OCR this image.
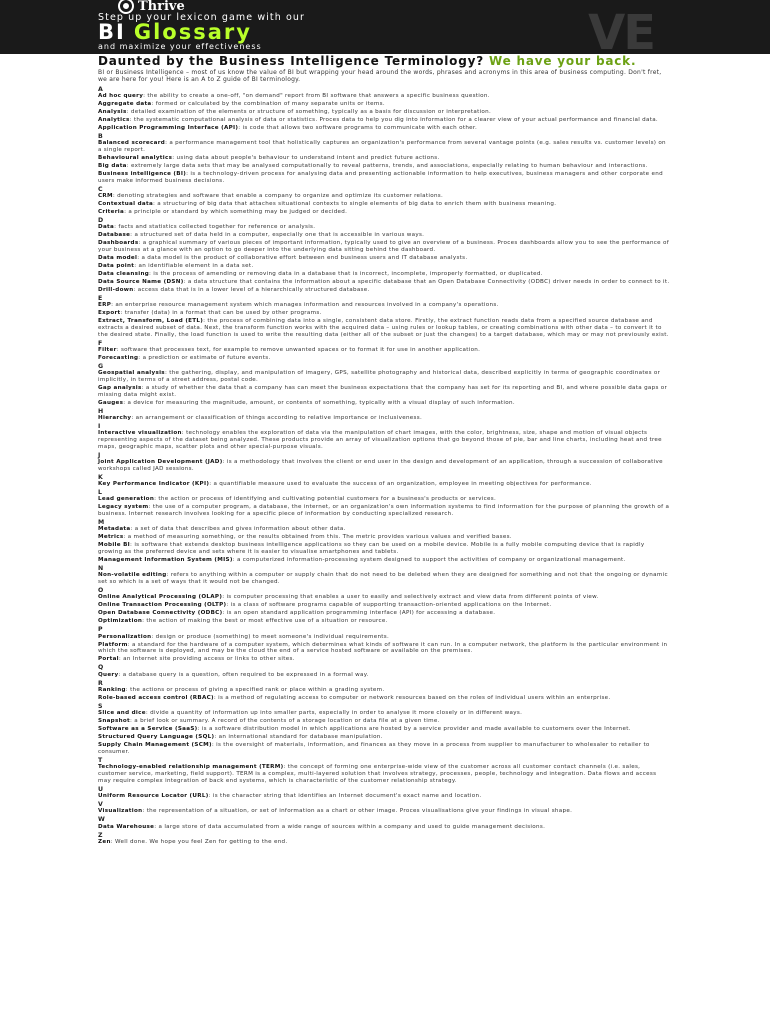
Thrive
Step up your lexicon game with our
BI Glossary	VE
and maximize your effectiveness
Daunted by the Business Intelligence Terminology? We have your back.
BI or Business Intelligence – most of us know the value of BI but wrapping your head around the words, phrases and acronyms in this area of business computing. Don't fret, we are here for you! Here is an A to Z guide of BI terminology.
A
Ad hoc query: the ability to create a one-off, "on demand" report from BI software that answers a specific business question.
Aggregate data: formed or calculated by the combination of many separate units or items.
Analysis: detailed examination of the elements or structure of something, typically as a basis for discussion or interpretation.
Analytics: the systematic computational analysis of data or statistics. Proces data to help you dig into information for a clearer view of your actual performance and financial data.
Application Programming Interface (API): is code that allows two software programs to communicate with each other.
B
Balanced scorecard: a performance management tool that holistically captures an organization's performance from several vantage points (e.g. sales results vs. customer levels) on a single report.
Behavioural analytics: using data about people's behaviour to understand intent and predict future actions.
Big data: extremely large data sets that may be analysed computationally to reveal patterns, trends, and associations, especially relating to human behaviour and interactions.
Business intelligence (BI): is a technology-driven process for analysing data and presenting actionable information to help executives, business managers and other corporate end users make informed business decisions.
C
CRM: denoting strategies and software that enable a company to organize and optimize its customer relations.
Contextual data: a structuring of big data that attaches situational contexts to single elements of big data to enrich them with business meaning.
Criteria: a principle or standard by which something may be judged or decided.
D
Data: facts and statistics collected together for reference or analysis.
Database: a structured set of data held in a computer, especially one that is accessible in various ways.
Dashboards: a graphical summary of various pieces of important information, typically used to give an overview of a business. Proces dashboards allow you to see the performance of your business at a glance with an option to go deeper into the underlying data sitting behind the dashboard.
Data model: a data model is the product of collaborative effort between end business users and IT database analysts.
Data point: an identifiable element in a data set.
Data cleansing: is the process of amending or removing data in a database that is incorrect, incomplete, improperly formatted, or duplicated.
Data Source Name (DSN): a data structure that contains the information about a specific database that an Open Database Connectivity (ODBC) driver needs in order to connect to it.
Drill-down: access data that is in a lower level of a hierarchically structured database.
E
ERP: an enterprise resource management system which manages information and resources involved in a company's operations.
Export: transfer (data) in a format that can be used by other programs.
Extract, Transform, Load (ETL): the process of combining data into a single, consistent data store. Firstly, the extract function reads data from a specified source database and extracts a desired subset of data. Next, the transform function works with the acquired data – using rules or lookup tables, or creating combinations with other data – to convert it to the desired state. Finally, the load function is used to write the resulting data (either all of the subset or just the changes) to a target database, which may or may not previously exist.
F
Filter: software that processes text, for example to remove unwanted spaces or to format it for use in another application.
Forecasting: a prediction or estimate of future events.
G
Geospatial analysis: the gathering, display, and manipulation of imagery, GPS, satellite photography and historical data, described explicitly in terms of geographic coordinates or implicitly, in terms of a street address, postal code.
Gap analysis: a study of whether the data that a company has can meet the business expectations that the company has set for its reporting and BI, and where possible data gaps or missing data might exist.
Gauges: a device for measuring the magnitude, amount, or contents of something, typically with a visual display of such information.
H
Hierarchy: an arrangement or classification of things according to relative importance or inclusiveness.
I
Interactive visualization: technology enables the exploration of data via the manipulation of chart images, with the color, brightness, size, shape and motion of visual objects representing aspects of the dataset being analyzed. These products provide an array of visualization options that go beyond those of pie, bar and line charts, including heat and tree maps, geographic maps, scatter plots and other special-purpose visuals.
J
Joint Application Development (JAD): is a methodology that involves the client or end user in the design and development of an application, through a succession of collaborative workshops called JAD sessions.
K
Key Performance Indicator (KPI): a quantifiable measure used to evaluate the success of an organization, employee in meeting objectives for performance.
L
Lead generation: the action or process of identifying and cultivating potential customers for a business's products or services.
Legacy system: the use of a computer program, a database, the internet, or an organization's own information systems to find information for the purpose of planning the growth of a business. Internet research involves looking for a specific piece of information by conducting specialized research.
M
Metadata: a set of data that describes and gives information about other data.
Metrics: a method of measuring something, or the results obtained from this. The metric provides various values and verified bases.
Mobile BI: is software that extends desktop business intelligence applications so they can be used on a mobile device. Mobile is a fully mobile computing device that is rapidly growing as the preferred device and sets where it is easier to visualise smartphones and tablets.
Management Information System (MIS): a computerized information-processing system designed to support the activities of company or organizational management.
N
Non-volatile editing: refers to anything within a computer or supply chain that do not need to be deleted when they are designed for something and not that the ongoing or dynamic set so which is a set of ways that it would not be changed.
O
Online Analytical Processing (OLAP): is computer processing that enables a user to easily and selectively extract and view data from different points of view.
Online Transaction Processing (OLTP): is a class of software programs capable of supporting transaction-oriented applications on the Internet.
Open Database Connectivity (ODBC): is an open standard application programming interface (API) for accessing a database.
Optimization: the action of making the best or most effective use of a situation or resource.
P
Personalization: design or produce (something) to meet someone's individual requirements.
Platform: a standard for the hardware of a computer system, which determines what kinds of software it can run. In a computer network, the platform is the particular environment in which the software is deployed, and may be the cloud the end of a service hosted software or available on the premises.
Portal: an Internet site providing access or links to other sites.
Q
Query: a database query is a question, often required to be expressed in a formal way.
R
Ranking: the actions or process of giving a specified rank or place within a grading system.
Role-based access control (RBAC): is a method of regulating access to computer or network resources based on the roles of individual users within an enterprise.
S
Slice and dice: divide a quantity of information up into smaller parts, especially in order to analyse it more closely or in different ways.
Snapshot: a brief look or summary. A record of the contents of a storage location or data file at a given time.
Software as a Service (SaaS): is a software distribution model in which applications are hosted by a service provider and made available to customers over the Internet.
Structured Query Language (SQL): an international standard for database manipulation.
Supply Chain Management (SCM): is the oversight of materials, information, and finances as they move in a process from supplier to manufacturer to wholesaler to retailer to consumer.
T
Technology-enabled relationship management (TERM): the concept of forming one enterprise-wide view of the customer across all customer contact channels (i.e. sales, customer service, marketing, field support). TERM is a complex, multi-layered solution that involves strategy, processes, people, technology and integration. Data flows and access may require complex integration of back end systems, which is characteristic of the customer relationship strategy.
U
Uniform Resource Locator (URL): is the character string that identifies an Internet document's exact name and location.
V
Visualization: the representation of a situation, or set of information as a chart or other image. Proces visualisations give your findings in visual shape.
W
Data Warehouse: a large store of data accumulated from a wide range of sources within a company and used to guide management decisions.
Z
Zen: Well done. We hope you feel Zen for getting to the end.
